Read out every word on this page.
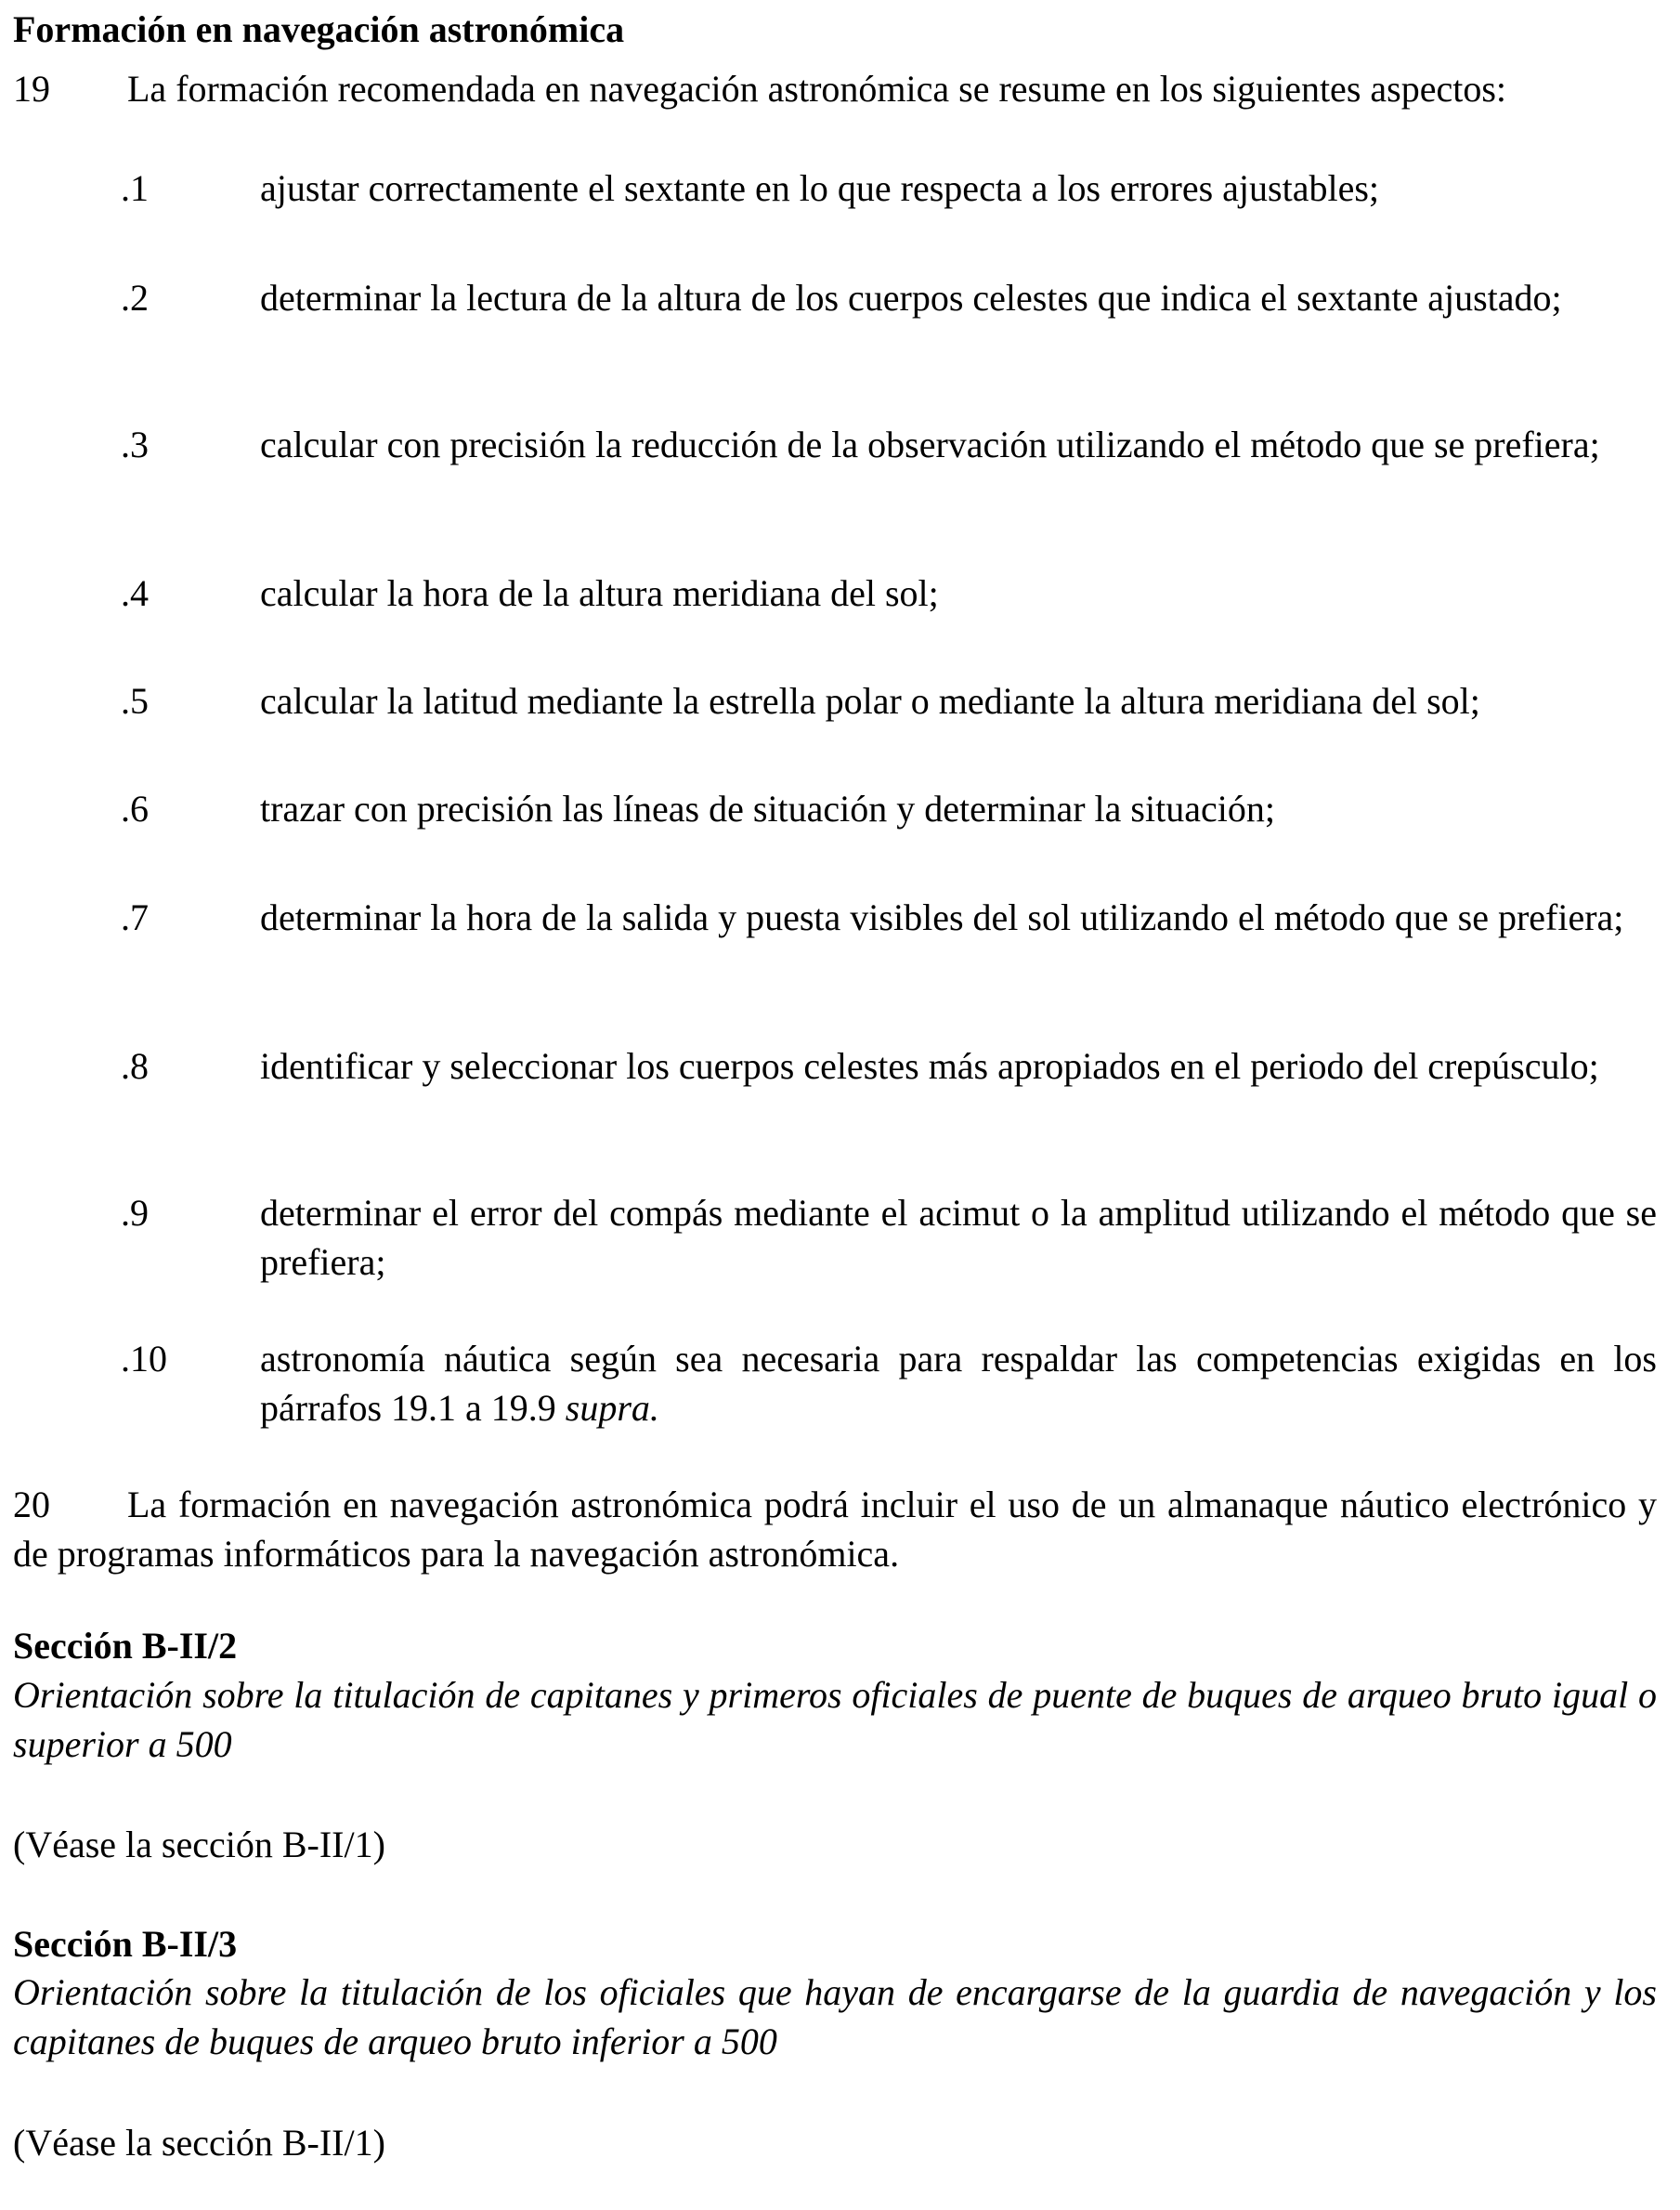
Formación en navegación astronómica
19 La formación recomendada en navegación astronómica se resume en los siguientes aspectos:
.1	ajustar correctamente el sextante en lo que respecta a los errores ajustables;
.2	determinar la lectura de la altura de los cuerpos celestes que indica el sextante ajustado;
.3	calcular con precisión la reducción de la observación utilizando el método que se prefiera;
.4	calcular la hora de la altura meridiana del sol;
.5	calcular la latitud mediante la estrella polar o mediante la altura meridiana del sol;
.6	trazar con precisión las líneas de situación y determinar la situación;
.7	determinar la hora de la salida y puesta visibles del sol utilizando el método que se prefiera;
.8	identificar y seleccionar los cuerpos celestes más apropiados en el periodo del crepúsculo;
.9	determinar el error del compás mediante el acimut o la amplitud utilizando el método que se prefiera;
.10	astronomía náutica según sea necesaria para respaldar las competencias exigidas en los párrafos 19.1 a 19.9 supra.
20 La formación en navegación astronómica podrá incluir el uso de un almanaque náutico electrónico y de programas informáticos para la navegación astronómica.
Sección B-II/2
Orientación sobre la titulación de capitanes y primeros oficiales de puente de buques de arqueo bruto igual o superior a 500
(Véase la sección B-II/1)
Sección B-II/3
Orientación sobre la titulación de los oficiales que hayan de encargarse de la guardia de navegación y los capitanes de buques de arqueo bruto inferior a 500
(Véase la sección B-II/1)
